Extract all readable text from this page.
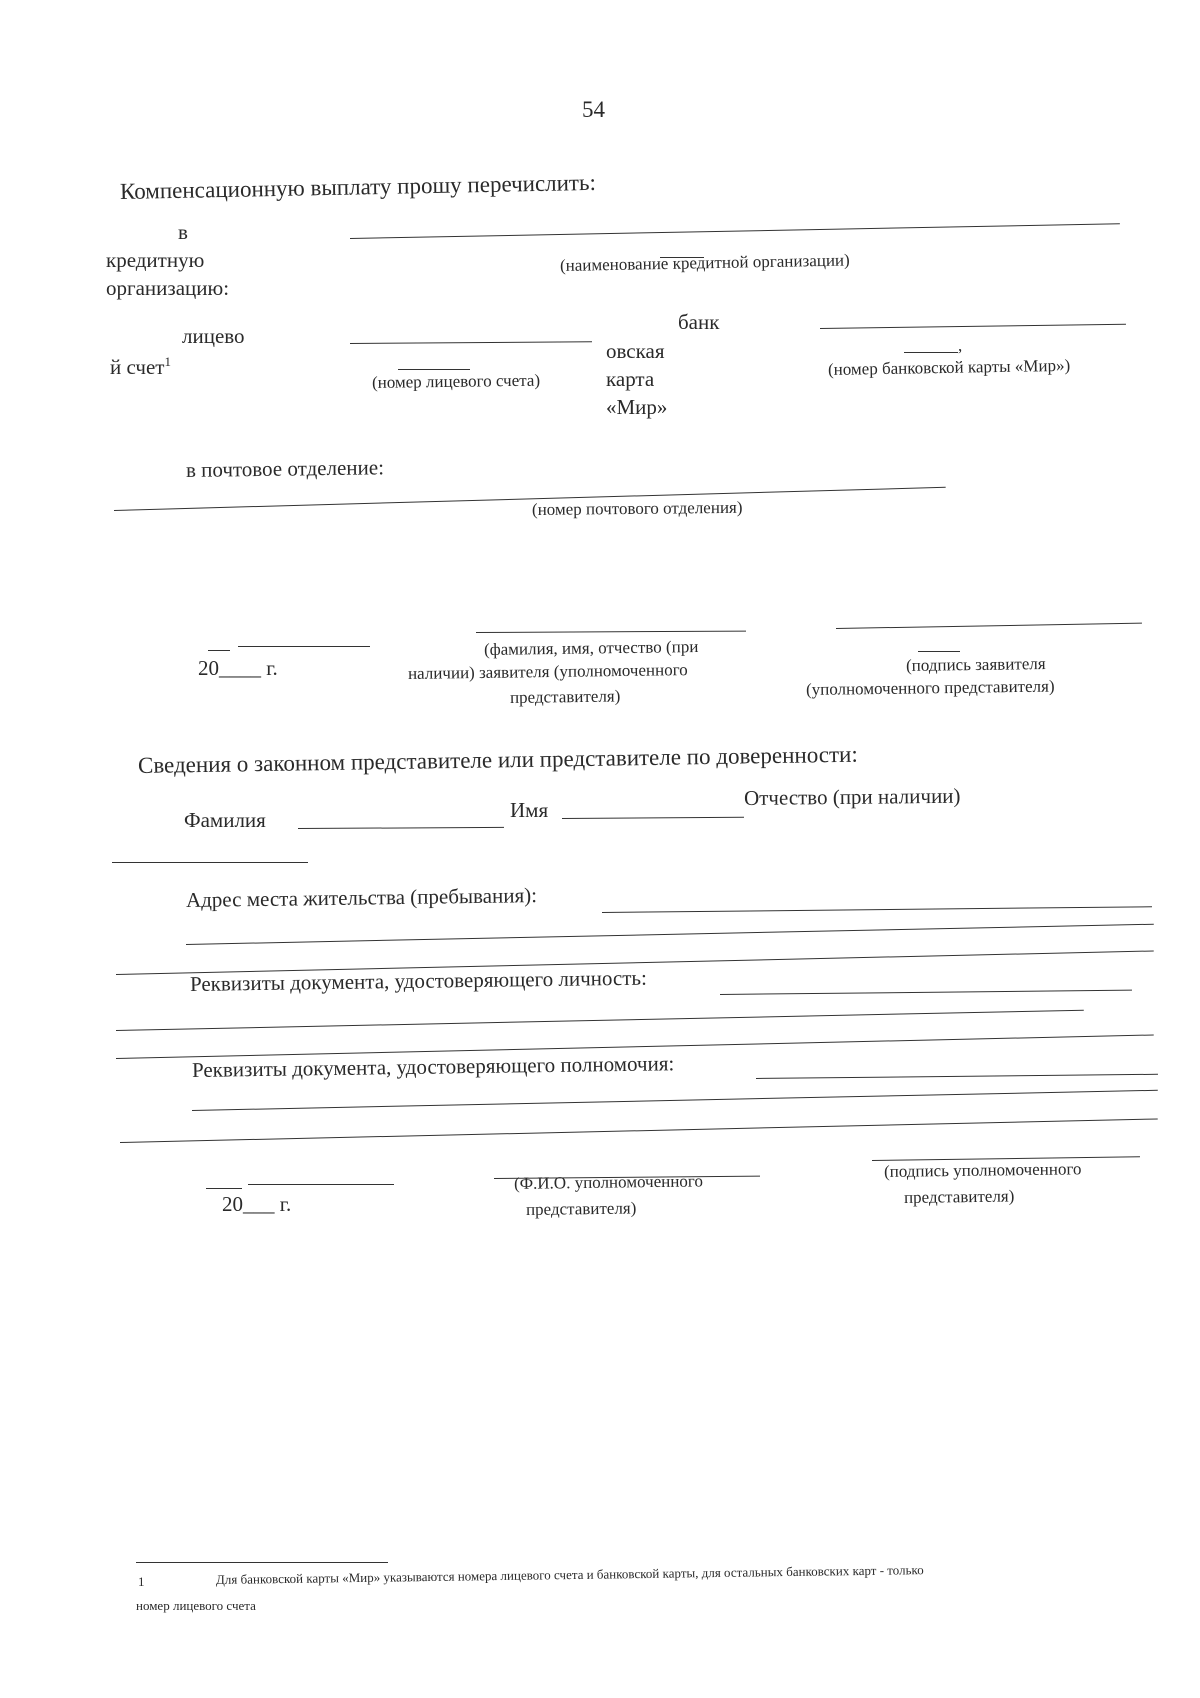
54
Компенсационную выплату прошу перечислить:
в
кредитную
организацию:
(наименование кредитной организации)
лицево
й счет$^1$
(номер лицевого счета)
банк
овская
карта
«Мир»
,
(номер банковской карты «Мир»)
в почтовое отделение:
(номер почтового отделения)
20____ г.
(фамилия, имя, отчество (при
наличии) заявителя (уполномоченного
представителя)
(подпись заявителя
(уполномоченного представителя)
Сведения о законном представителе или представителе по доверенности:
Фамилия	Имя
Отчество (при наличии)
Адрес места жительства (пребывания):
Реквизиты документа, удостоверяющего личность:
Реквизиты документа, удостоверяющего полномочия:
20___ г.
(Ф.И.О. уполномоченного
представителя)
(подпись уполномоченного
представителя)
1	Для банковской карты «Мир» указываются номера лицевого счета и банковской карты, для остальных банковских карт - только
номер лицевого счета
